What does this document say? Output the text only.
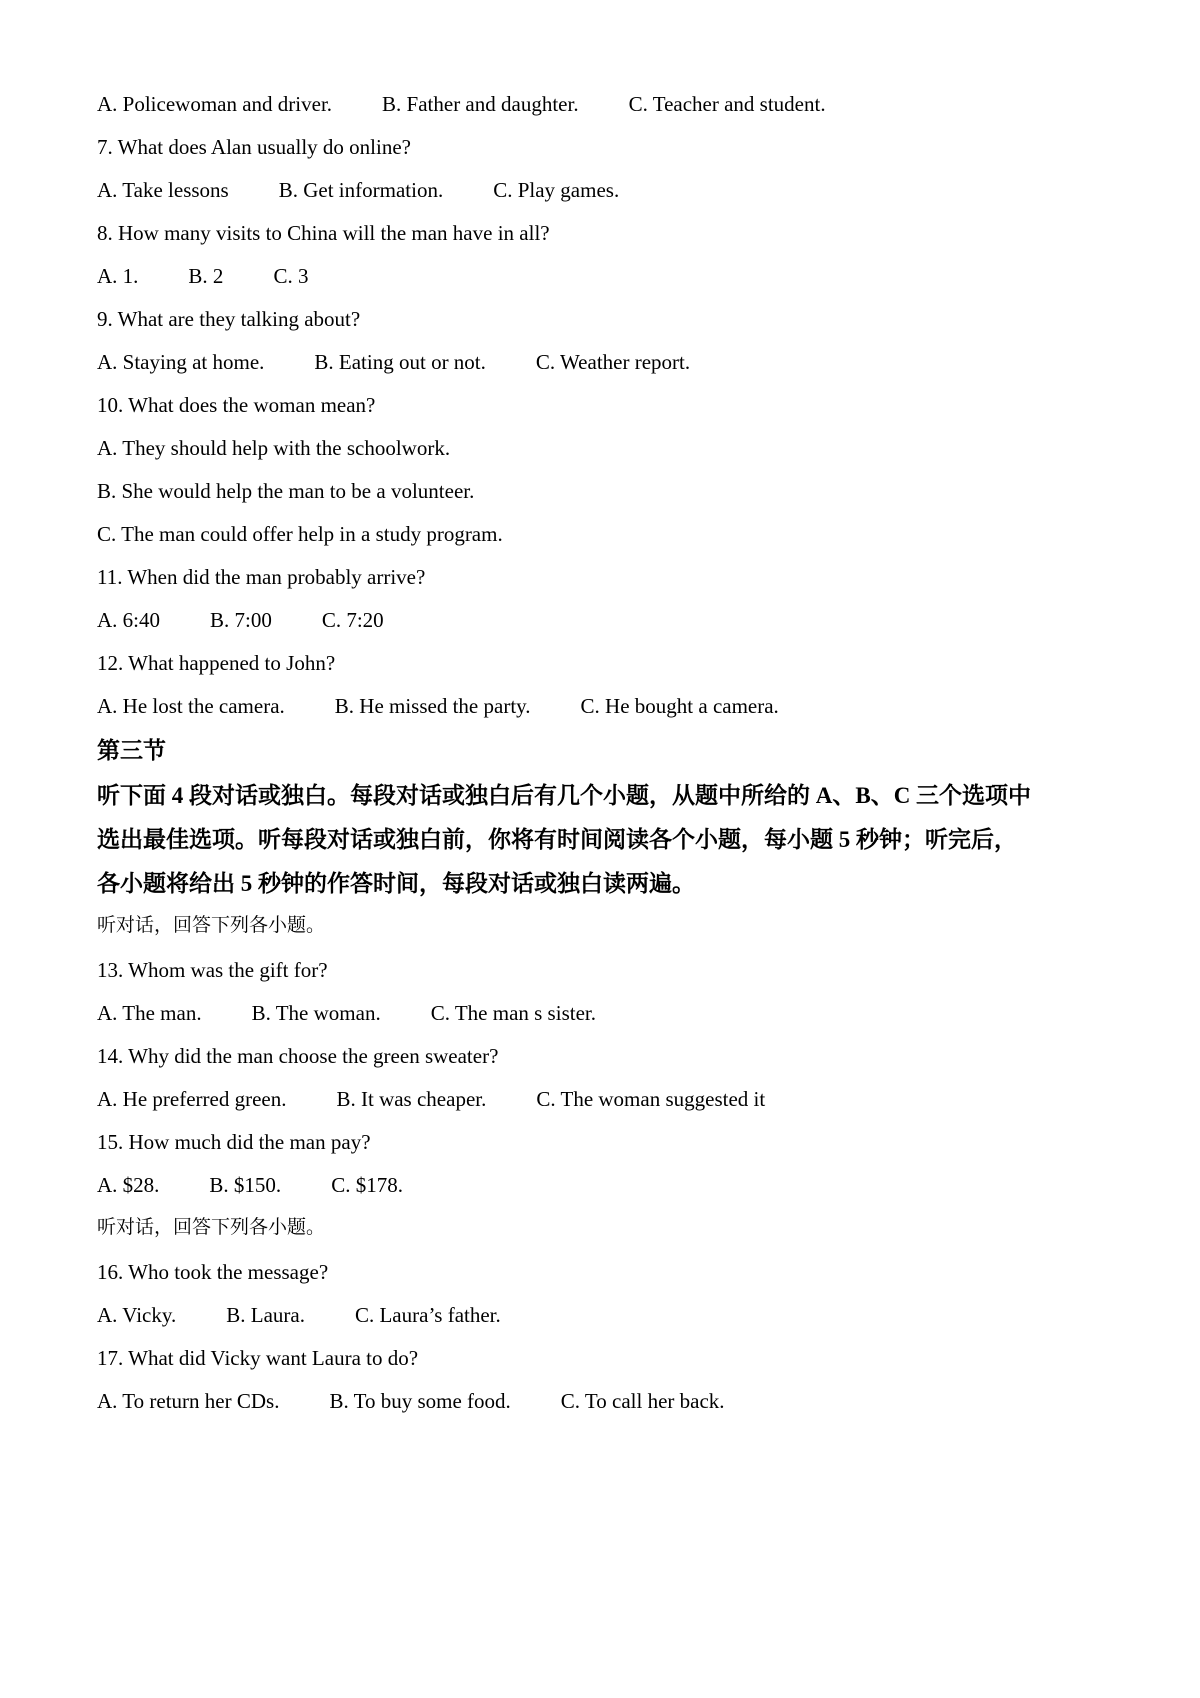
A. Policewoman and driver. B. Father and daughter. C. Teacher and student.

7. What does Alan usually do online?

A. Take lessons B. Get information. C. Play games.

8. How many visits to China will the man have in all?

A. 1. B. 2 C. 3

9. What are they talking about?

A. Staying at home. B. Eating out or not. C. Weather report.

10. What does the woman mean?

A. They should help with the schoolwork.

B. She would help the man to be a volunteer.

C. The man could offer help in a study program.

11. When did the man probably arrive?

A. 6:40 B. 7:00 C. 7:20

12. What happened to John?

A. He lost the camera. B. He missed the party. C. He bought a camera.

第三节

听下面 4 段对话或独白。每段对话或独白后有几个小题，从题中所给的 A、B、C 三个选项中

选出最佳选项。听每段对话或独白前，你将有时间阅读各个小题，每小题 5 秒钟；听完后，

各小题将给出 5 秒钟的作答时间，每段对话或独白读两遍。

听对话，回答下列各小题。

13. Whom was the gift for?

A. The man. B. The woman. C. The man s sister.

14. Why did the man choose the green sweater?

A. He preferred green. B. It was cheaper. C. The woman suggested it

15. How much did the man pay?

A. $28. B. $150. C. $178.

听对话，回答下列各小题。

16. Who took the message?

A. Vicky. B. Laura. C. Laura’s father.

17. What did Vicky want Laura to do?

A. To return her CDs. B. To buy some food. C. To call her back.
